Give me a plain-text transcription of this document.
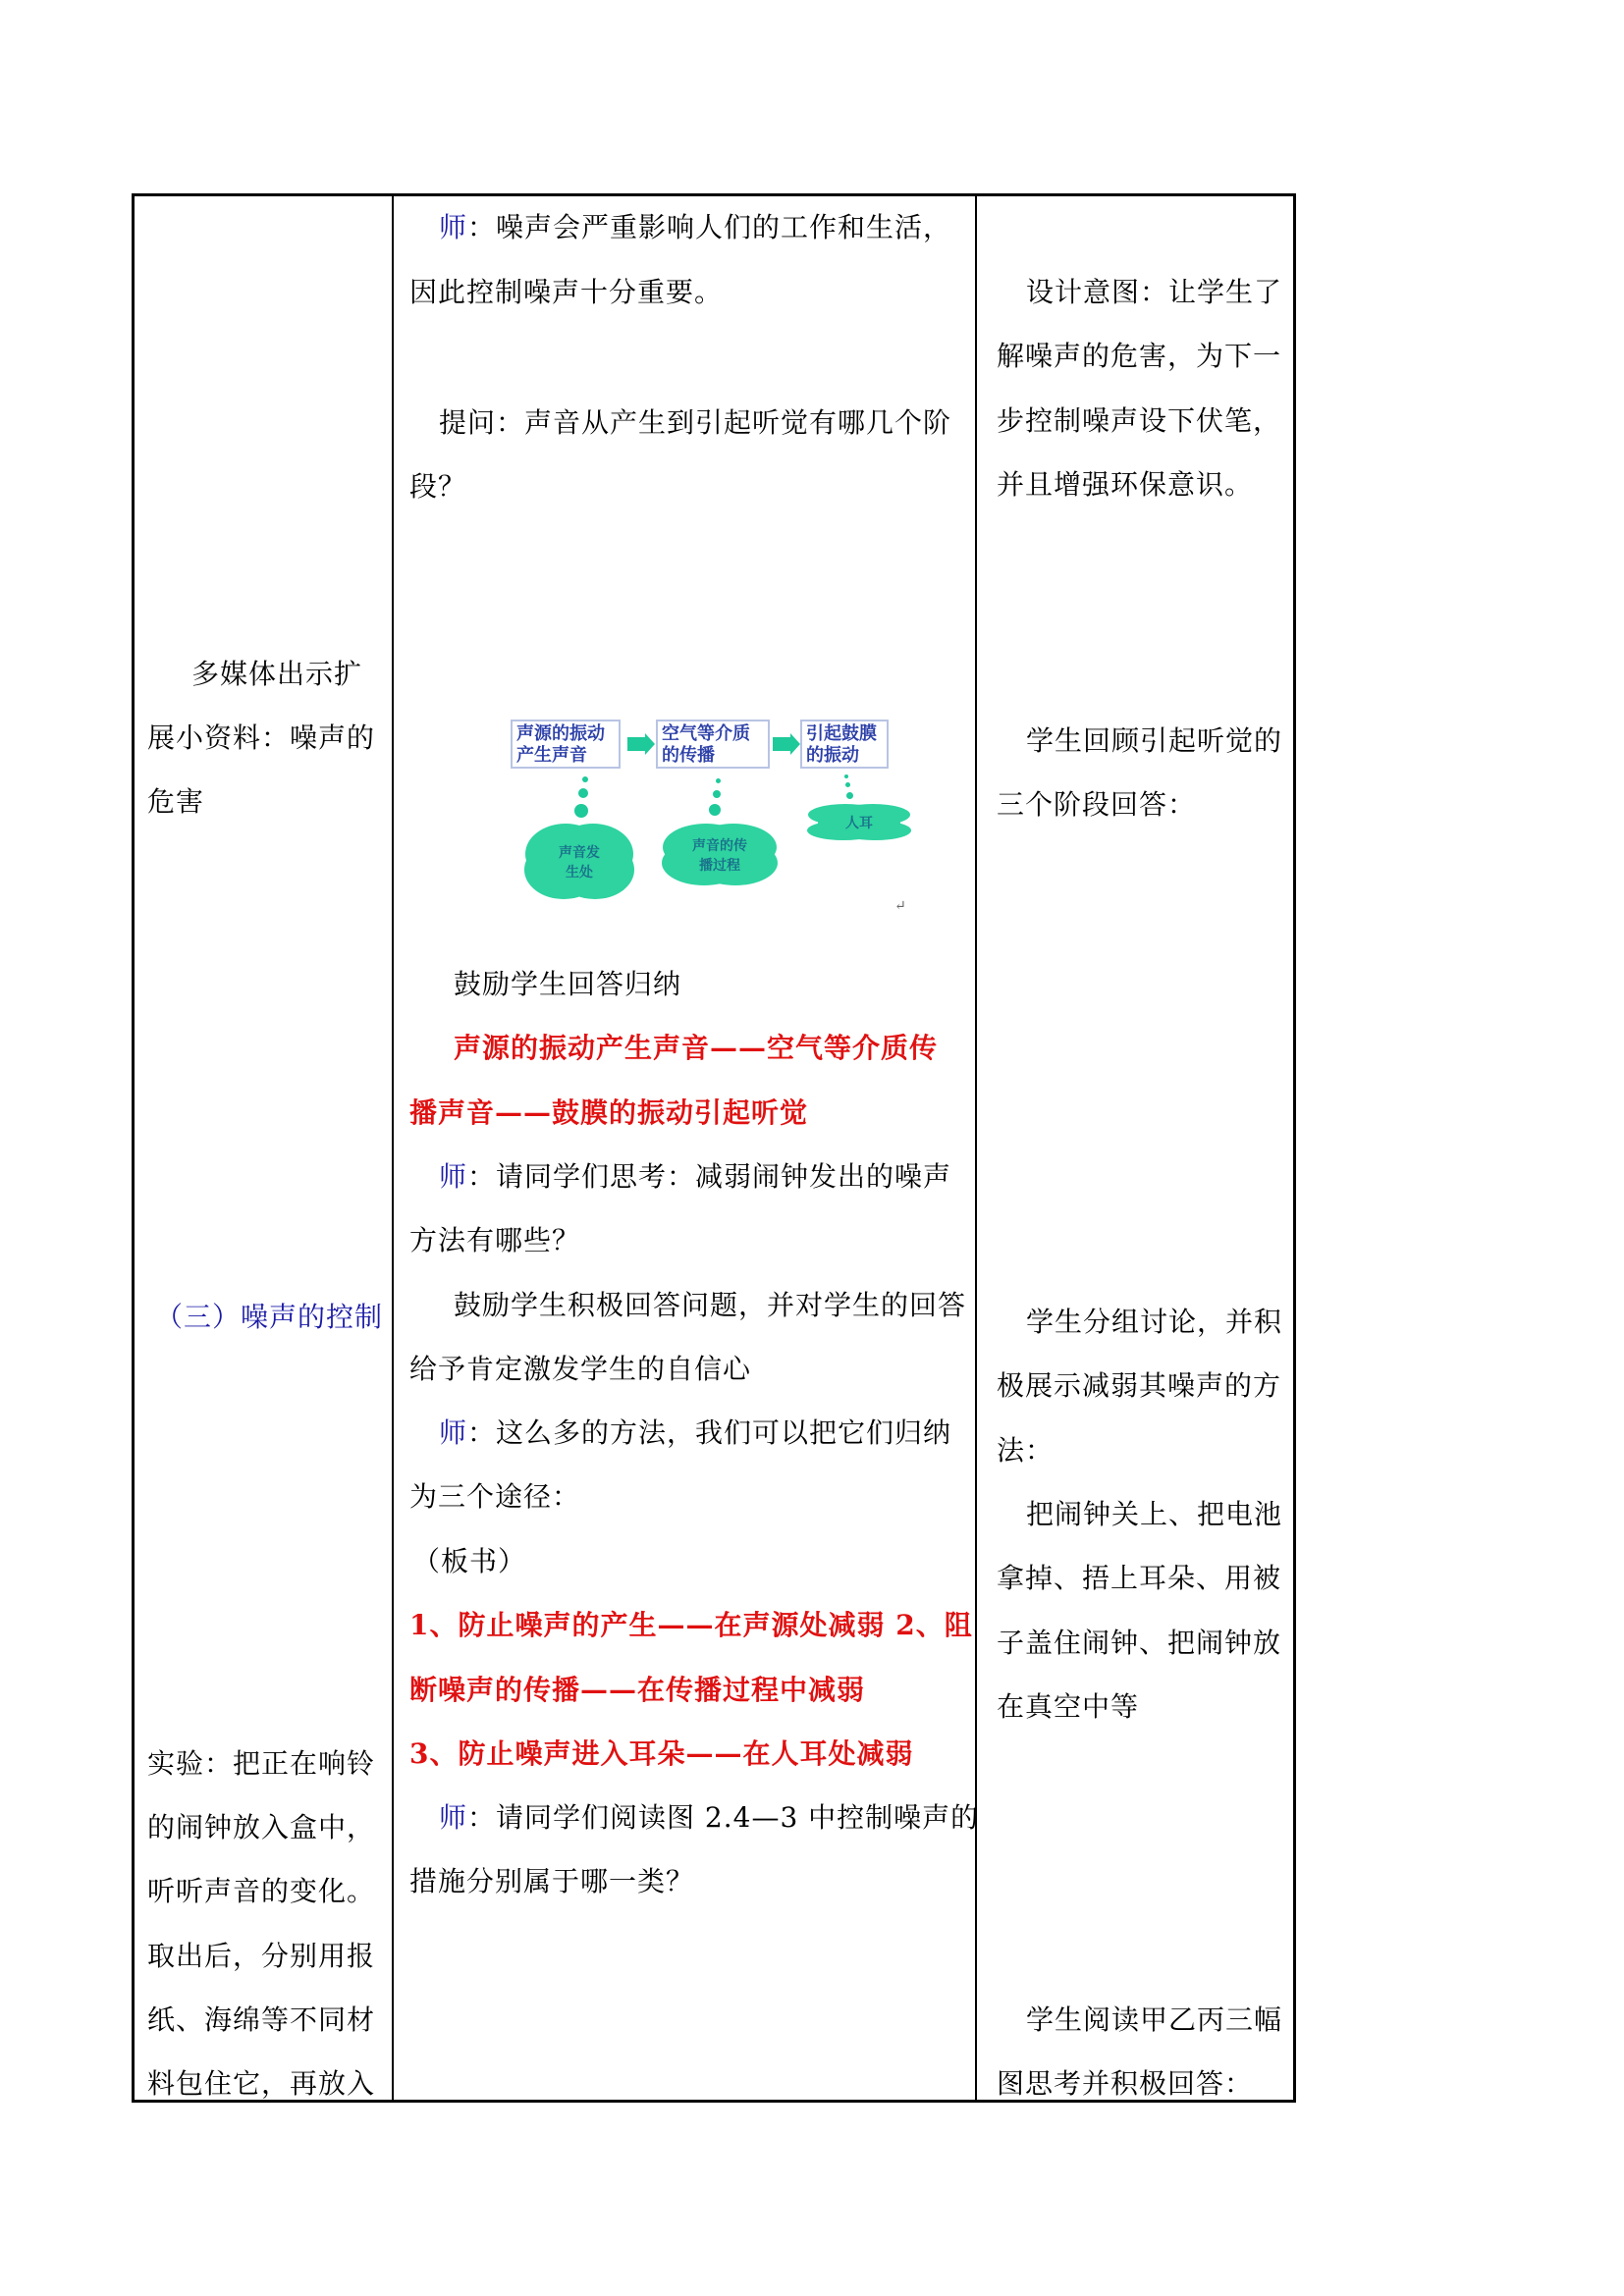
多媒体出示扩
展小资料：噪声的
危害
（三）噪声的控制
实验：把正在响铃
的闹钟放入盒中，
听听声音的变化。
取出后，分别用报
纸、海绵等不同材
料包住它，再放入
师：噪声会严重影响人们的工作和生活，
因此控制噪声十分重要。
提问：声音从产生到引起听觉有哪几个阶
段？
声源的振动
产生声音
空气等介质
的传播
引起鼓膜
的振动
声音发
生处
声音的传
播过程
人耳
↵
鼓励学生回答归纳
声源的振动产生声音——空气等介质传
播声音——鼓膜的振动引起听觉
师：请同学们思考：减弱闹钟发出的噪声
方法有哪些？
鼓励学生积极回答问题，并对学生的回答
给予肯定激发学生的自信心
师：这么多的方法，我们可以把它们归纳
为三个途径：
（板书）
1、防止噪声的产生——在声源处减弱 2、阻
断噪声的传播——在传播过程中减弱
3、防止噪声进入耳朵——在人耳处减弱
师：请同学们阅读图 2.4—3 中控制噪声的
措施分别属于哪一类？
设计意图：让学生了
解噪声的危害，为下一
步控制噪声设下伏笔，
并且增强环保意识。
学生回顾引起听觉的
三个阶段回答：
学生分组讨论，并积
极展示减弱其噪声的方
法：
把闹钟关上、把电池
拿掉、捂上耳朵、用被
子盖住闹钟、把闹钟放
在真空中等
学生阅读甲乙丙三幅
图思考并积极回答：
